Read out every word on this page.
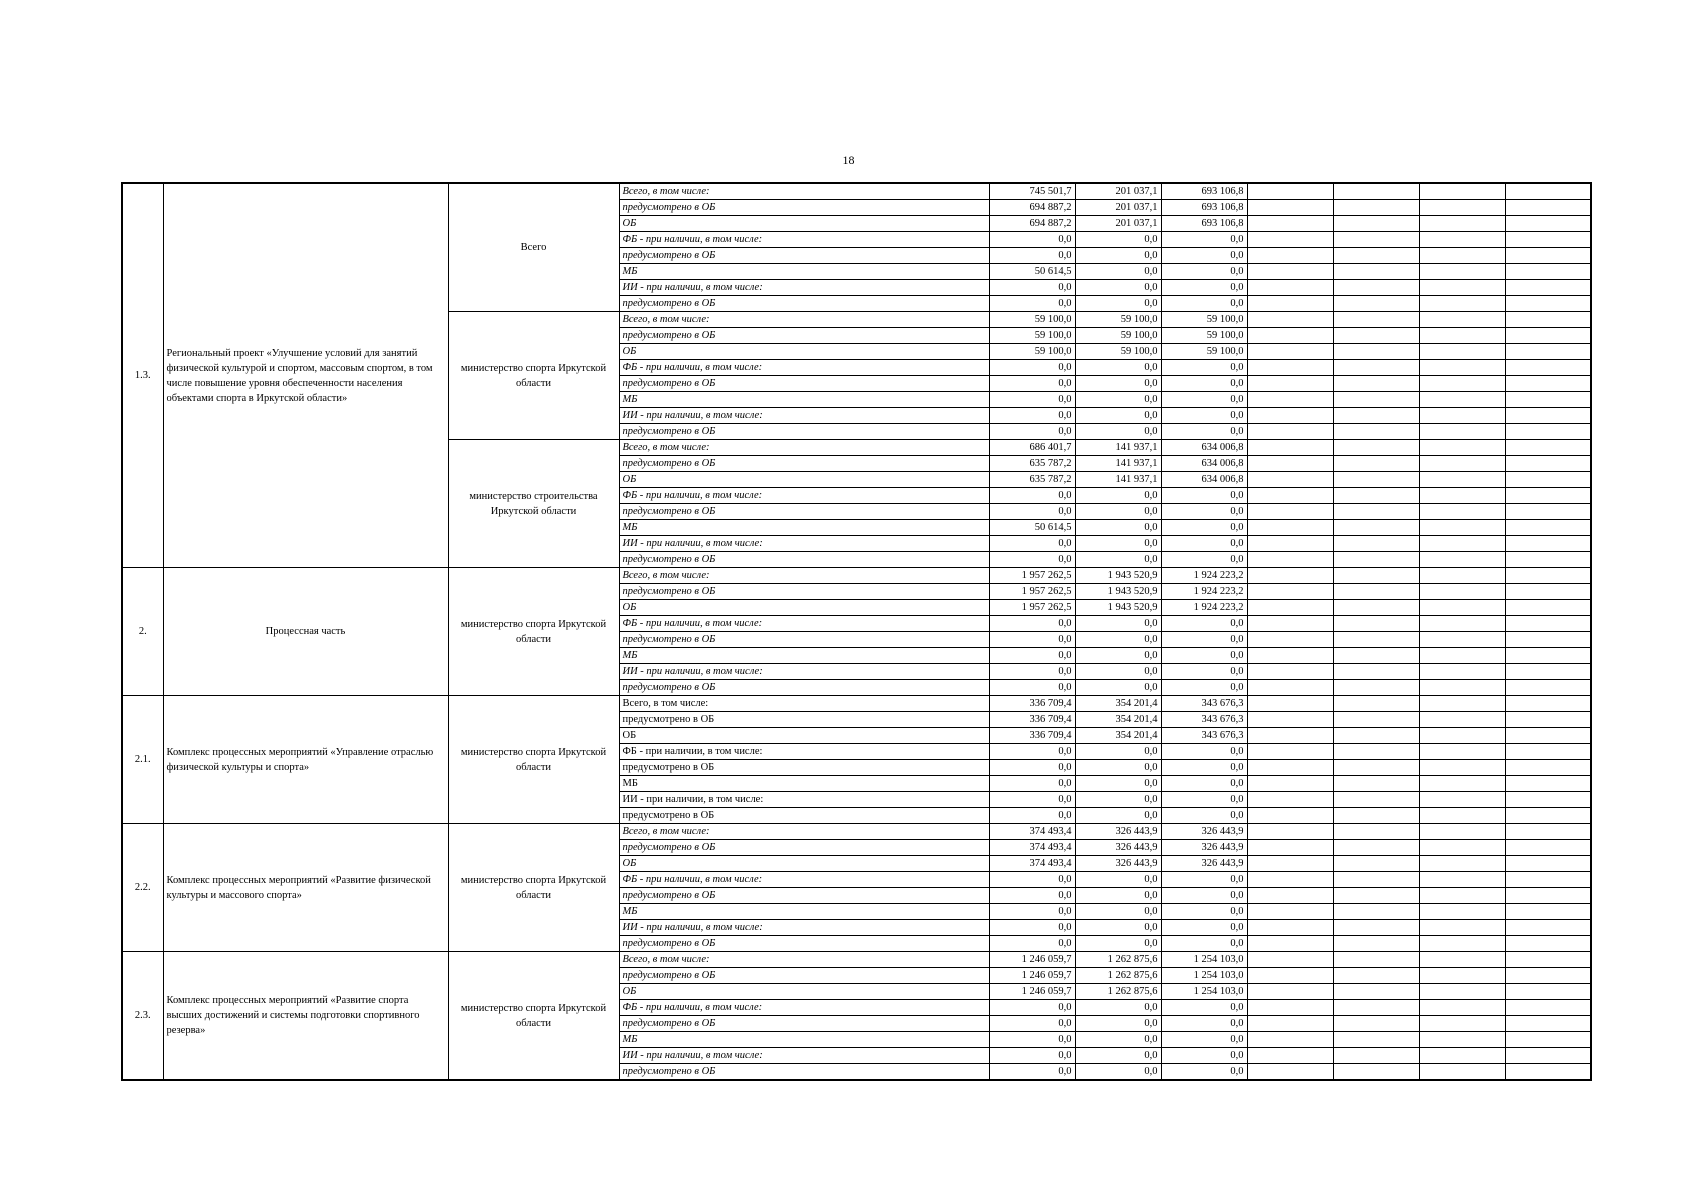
18
1.3.	Региональный проект «Улучшение условий для занятий физической культурой и спортом, массовым спортом, в том числе повышение уровня обеспеченности населения объектами спорта в Иркутской области»	Всего	Всего, в том числе:	745 501,7	201 037,1	693 106,8				
			предусмотрено в ОБ	694 887,2	201 037,1	693 106,8				
			ОБ	694 887,2	201 037,1	693 106,8				
			ФБ - при наличии, в том числе:	0,0	0,0	0,0				
			предусмотрено в ОБ	0,0	0,0	0,0				
			МБ	50 614,5	0,0	0,0				
			ИИ - при наличии, в том числе:	0,0	0,0	0,0				
			предусмотрено в ОБ	0,0	0,0	0,0				
		министерство спорта Иркутской области	Всего, в том числе:	59 100,0	59 100,0	59 100,0				
			предусмотрено в ОБ	59 100,0	59 100,0	59 100,0				
			ОБ	59 100,0	59 100,0	59 100,0				
			ФБ - при наличии, в том числе:	0,0	0,0	0,0				
			предусмотрено в ОБ	0,0	0,0	0,0				
			МБ	0,0	0,0	0,0				
			ИИ - при наличии, в том числе:	0,0	0,0	0,0				
			предусмотрено в ОБ	0,0	0,0	0,0				
		министерство строительства Иркутской области	Всего, в том числе:	686 401,7	141 937,1	634 006,8				
			предусмотрено в ОБ	635 787,2	141 937,1	634 006,8				
			ОБ	635 787,2	141 937,1	634 006,8				
			ФБ - при наличии, в том числе:	0,0	0,0	0,0				
			предусмотрено в ОБ	0,0	0,0	0,0				
			МБ	50 614,5	0,0	0,0				
			ИИ - при наличии, в том числе:	0,0	0,0	0,0				
			предусмотрено в ОБ	0,0	0,0	0,0				
2.	Процессная часть	министерство спорта Иркутской области	Всего, в том числе:	1 957 262,5	1 943 520,9	1 924 223,2				
			предусмотрено в ОБ	1 957 262,5	1 943 520,9	1 924 223,2				
			ОБ	1 957 262,5	1 943 520,9	1 924 223,2				
			ФБ - при наличии, в том числе:	0,0	0,0	0,0				
			предусмотрено в ОБ	0,0	0,0	0,0				
			МБ	0,0	0,0	0,0				
			ИИ - при наличии, в том числе:	0,0	0,0	0,0				
			предусмотрено в ОБ	0,0	0,0	0,0				
2.1.	Комплекс процессных мероприятий «Управление отраслью физической культуры и спорта»	министерство спорта Иркутской области	Всего, в том числе:	336 709,4	354 201,4	343 676,3				
			предусмотрено в ОБ	336 709,4	354 201,4	343 676,3				
			ОБ	336 709,4	354 201,4	343 676,3				
			ФБ - при наличии, в том числе:	0,0	0,0	0,0				
			предусмотрено в ОБ	0,0	0,0	0,0				
			МБ	0,0	0,0	0,0				
			ИИ - при наличии, в том числе:	0,0	0,0	0,0				
			предусмотрено в ОБ	0,0	0,0	0,0				
2.2.	Комплекс процессных мероприятий «Развитие физической культуры и массового спорта»	министерство спорта Иркутской области	Всего, в том числе:	374 493,4	326 443,9	326 443,9				
			предусмотрено в ОБ	374 493,4	326 443,9	326 443,9				
			ОБ	374 493,4	326 443,9	326 443,9				
			ФБ - при наличии, в том числе:	0,0	0,0	0,0				
			предусмотрено в ОБ	0,0	0,0	0,0				
			МБ	0,0	0,0	0,0				
			ИИ - при наличии, в том числе:	0,0	0,0	0,0				
			предусмотрено в ОБ	0,0	0,0	0,0				
2.3.	Комплекс процессных мероприятий «Развитие спорта высших достижений и системы подготовки спортивного резерва»	министерство спорта Иркутской области	Всего, в том числе:	1 246 059,7	1 262 875,6	1 254 103,0				
			предусмотрено в ОБ	1 246 059,7	1 262 875,6	1 254 103,0				
			ОБ	1 246 059,7	1 262 875,6	1 254 103,0				
			ФБ - при наличии, в том числе:	0,0	0,0	0,0				
			предусмотрено в ОБ	0,0	0,0	0,0				
			МБ	0,0	0,0	0,0				
			ИИ - при наличии, в том числе:	0,0	0,0	0,0				
			предусмотрено в ОБ	0,0	0,0	0,0				
